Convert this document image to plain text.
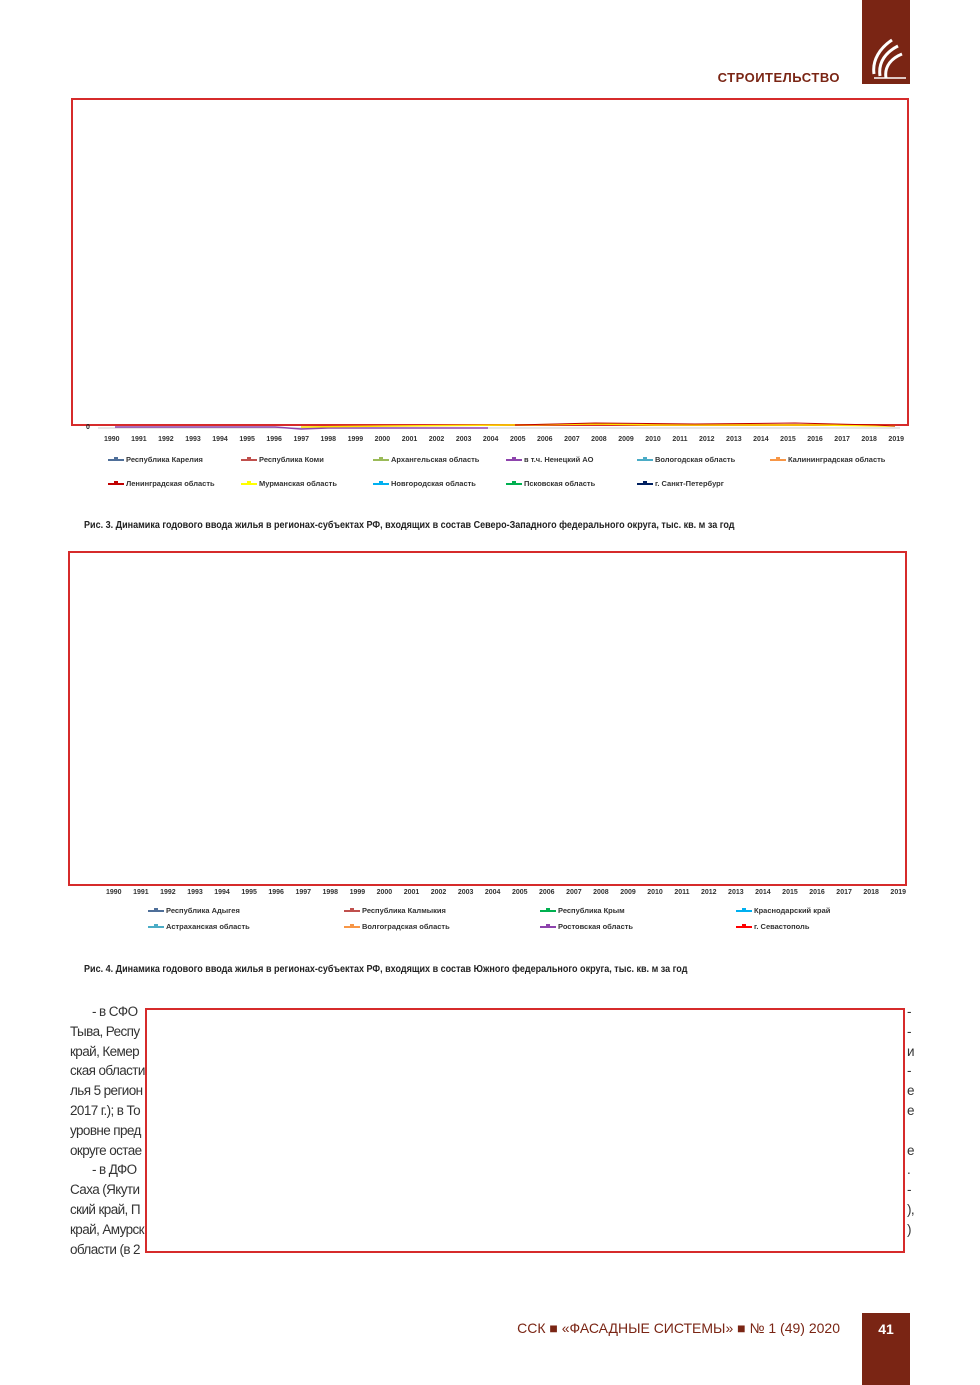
СТРОИТЕЛЬСТВО
0
1990 1991 1992 1993 1994 1995 1996 1997 1998 1999 2000 2001 2002 2003 2004 2005 2006 2007 2008 2009 2010 2011 2012 2013 2014 2015 2016 2017 2018 2019
Республика Карелия	Республика Коми	Архангельская область	в т.ч. Ненецкий АО	Вологодская область	Калининградская область
Ленинградская область	Мурманская область	Новгородская область	Псковская область	г. Санкт-Петербург
Рис. 3. Динамика годового ввода жилья в регионах-субъектах РФ, входящих в состав Северо-Западного федерального округа, тыс. кв. м за год
1990 1991 1992 1993 1994 1995 1996 1997 1998 1999 2000 2001 2002 2003 2004 2005 2006 2007 2008 2009 2010 2011 2012 2013 2014 2015 2016 2017 2018 2019
Республика Адыгея	Республика Калмыкия	Республика Крым	Краснодарский край
Астраханская область	Волгоградская область	Ростовская область	г. Севастополь
Рис. 4. Динамика годового ввода жилья в регионах-субъектах РФ, входящих в состав Южного федерального округа, тыс. кв. м за год
- в СФО	-
Тыва, Респу	-
край, Кемер	и
ская области	-
лья 5 регион	е
2017 г.); в То	е
уровне пред
округе остае	е
- в ДФО	.
Саха (Якути	-
ский край, П	),
край, Амурск	)
области (в 2
ССК ■ «ФАСАДНЫЕ СИСТЕМЫ» ■ № 1 (49) 2020	41
